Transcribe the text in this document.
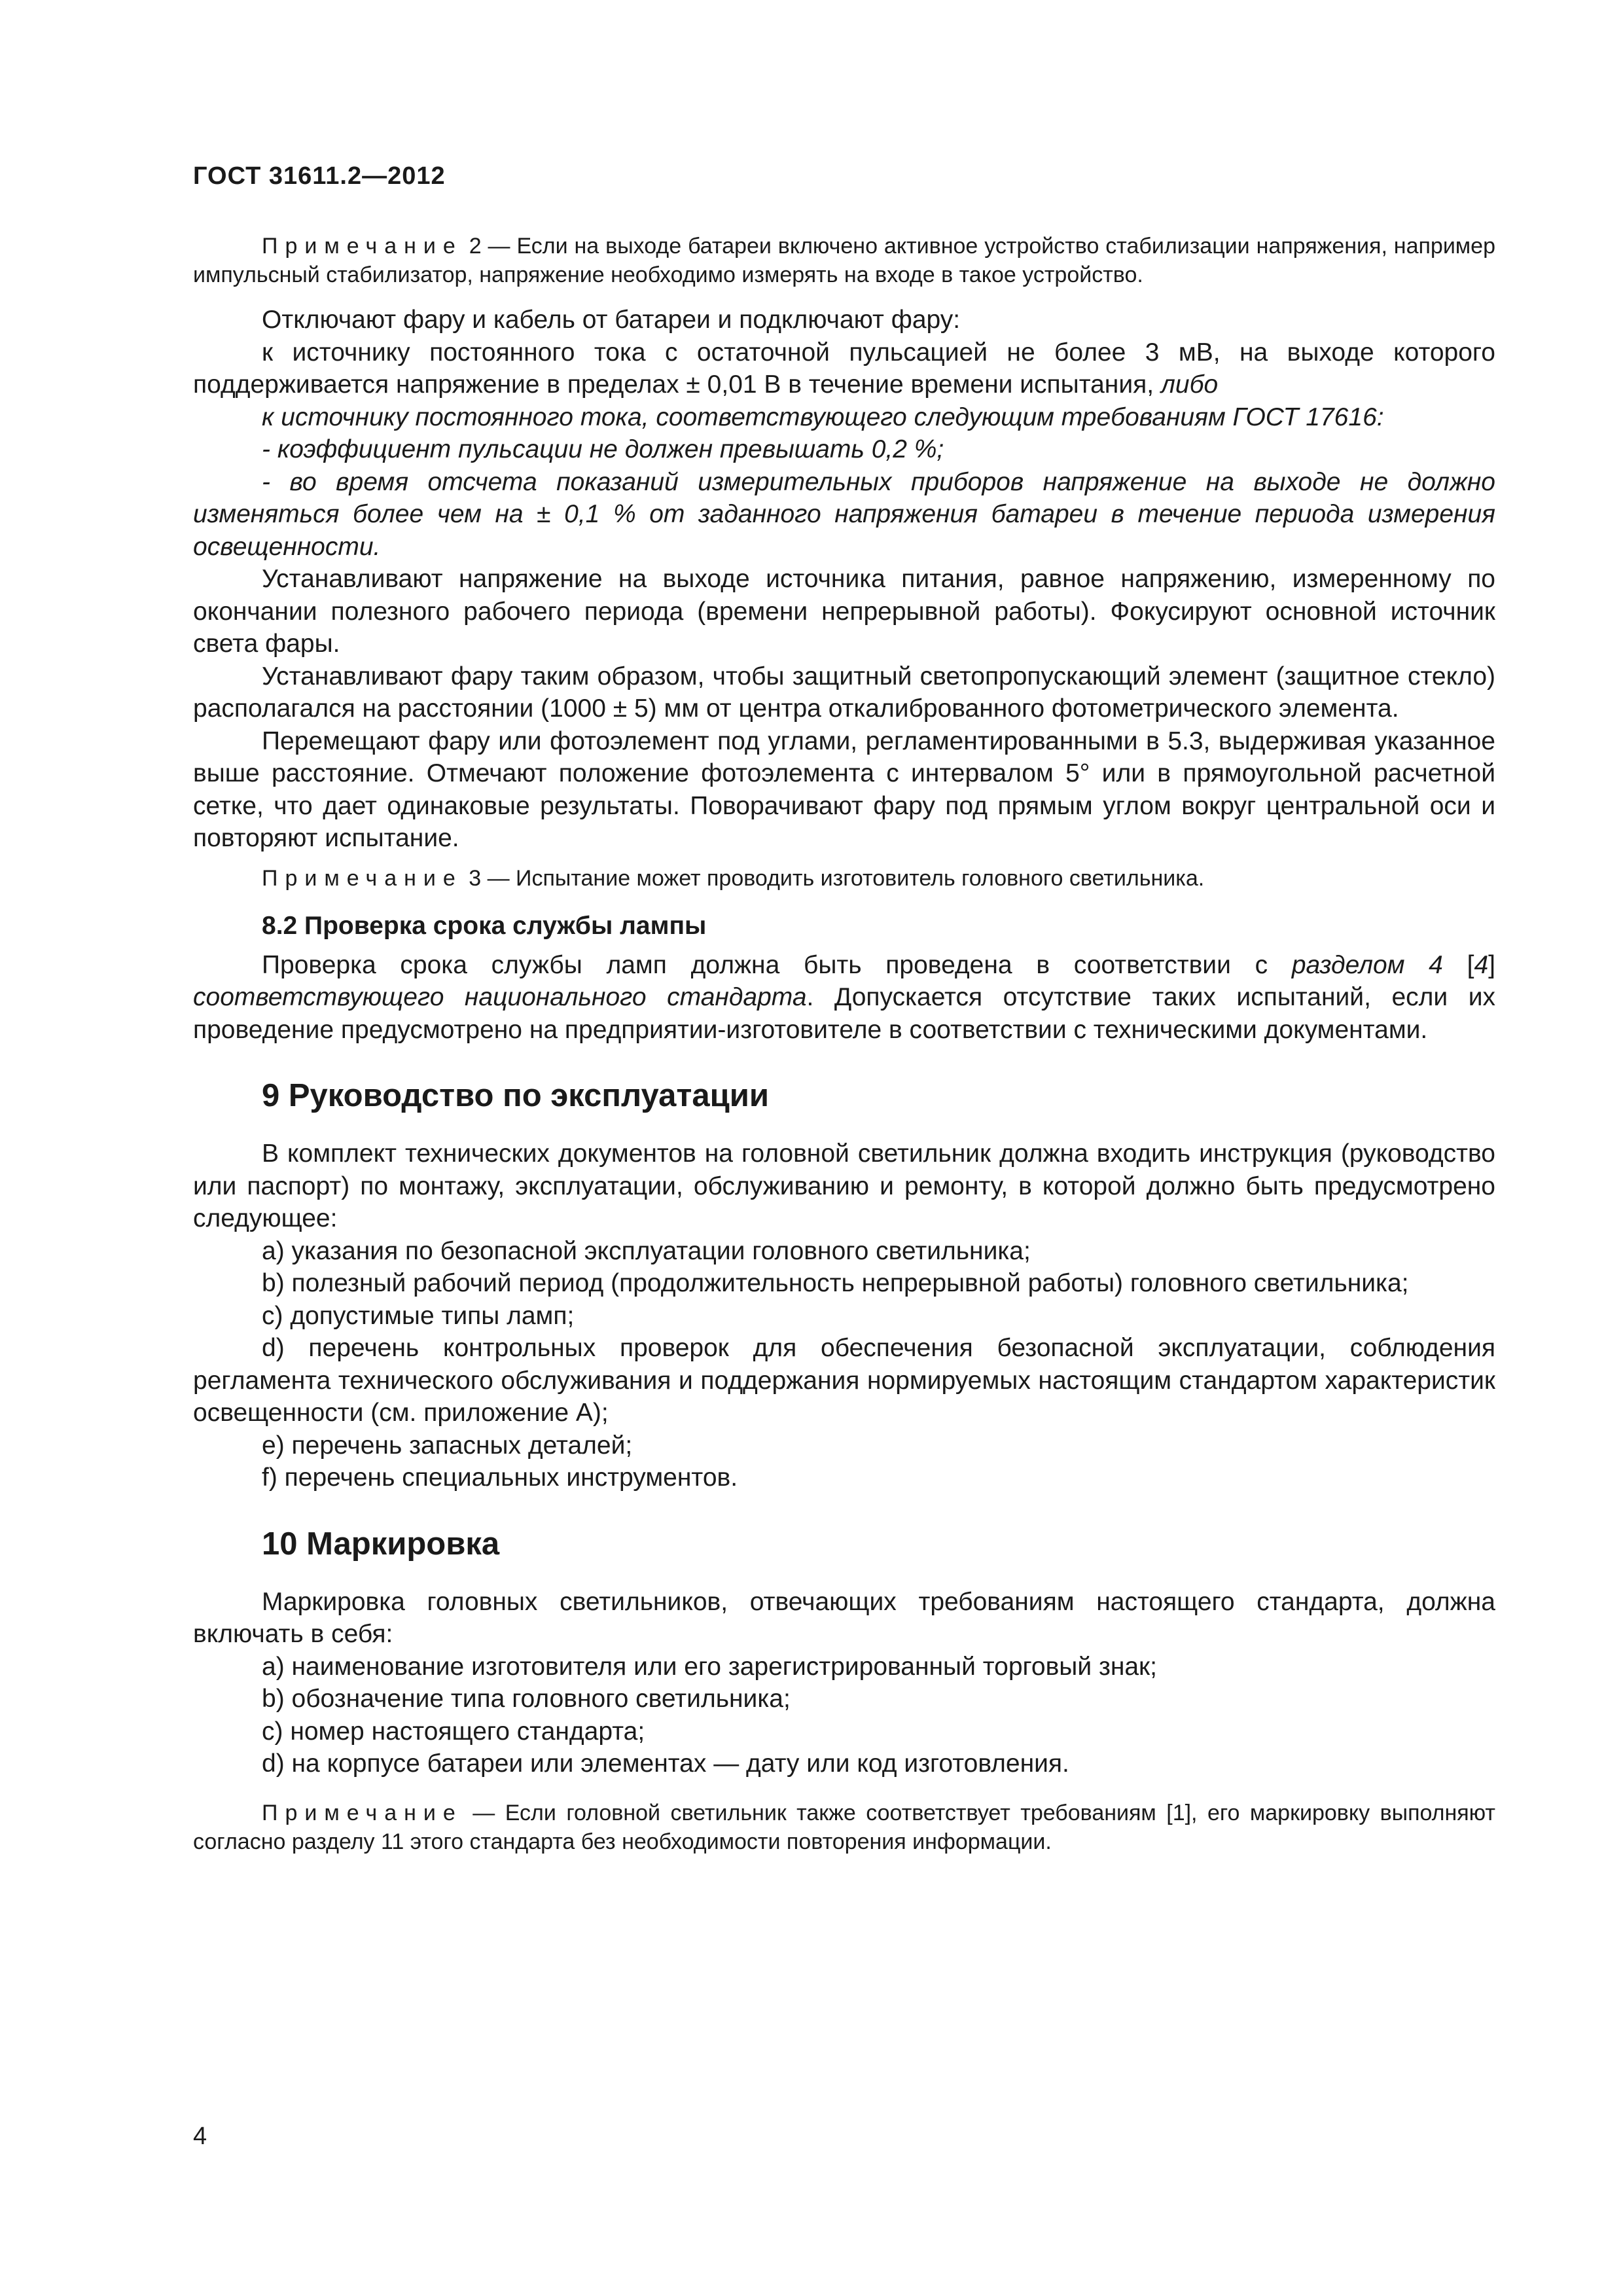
ГОСТ 31611.2—2012

Примечание 2 — Если на выходе батареи включено активное устройство стабилизации напряжения, например импульсный стабилизатор, напряжение необходимо измерять на входе в такое устройство.

Отключают фару и кабель от батареи и подключают фару:

к источнику постоянного тока с остаточной пульсацией не более 3 мВ, на выходе которого поддерживается напряжение в пределах ± 0,01 В в течение времени испытания, либо

к источнику постоянного тока, соответствующего следующим требованиям ГОСТ 17616:

- коэффициент пульсации не должен превышать 0,2 %;

- во время отсчета показаний измерительных приборов напряжение на выходе не должно изменяться более чем на ± 0,1 % от заданного напряжения батареи в течение периода измерения освещенности.

Устанавливают напряжение на выходе источника питания, равное напряжению, измеренному по окончании полезного рабочего периода (времени непрерывной работы). Фокусируют основной источник света фары.

Устанавливают фару таким образом, чтобы защитный светопропускающий элемент (защитное стекло) располагался на расстоянии (1000 ± 5) мм от центра откалиброванного фотометрического элемента.

Перемещают фару или фотоэлемент под углами, регламентированными в 5.3, выдерживая указанное выше расстояние. Отмечают положение фотоэлемента с интервалом 5° или в прямоугольной расчетной сетке, что дает одинаковые результаты. Поворачивают фару под прямым углом вокруг центральной оси и повторяют испытание.

Примечание 3 — Испытание может проводить изготовитель головного светильника.

8.2 Проверка срока службы лампы

Проверка срока службы ламп должна быть проведена в соответствии с разделом 4 [4] соответствующего национального стандарта. Допускается отсутствие таких испытаний, если их проведение предусмотрено на предприятии-изготовителе в соответствии с техническими документами.

9 Руководство по эксплуатации

В комплект технических документов на головной светильник должна входить инструкция (руководство или паспорт) по монтажу, эксплуатации, обслуживанию и ремонту, в которой должно быть предусмотрено следующее:

a) указания по безопасной эксплуатации головного светильника;

b) полезный рабочий период (продолжительность непрерывной работы) головного светильника;

c) допустимые типы ламп;

d) перечень контрольных проверок для обеспечения безопасной эксплуатации, соблюдения регламента технического обслуживания и поддержания нормируемых настоящим стандартом характеристик освещенности (см. приложение А);

e) перечень запасных деталей;

f) перечень специальных инструментов.

10 Маркировка

Маркировка головных светильников, отвечающих требованиям настоящего стандарта, должна включать в себя:

a) наименование изготовителя или его зарегистрированный торговый знак;

b) обозначение типа головного светильника;

c) номер настоящего стандарта;

d) на корпусе батареи или элементах — дату или код изготовления.

Примечание — Если головной светильник также соответствует требованиям [1], его маркировку выполняют согласно разделу 11 этого стандарта без необходимости повторения информации.

4
